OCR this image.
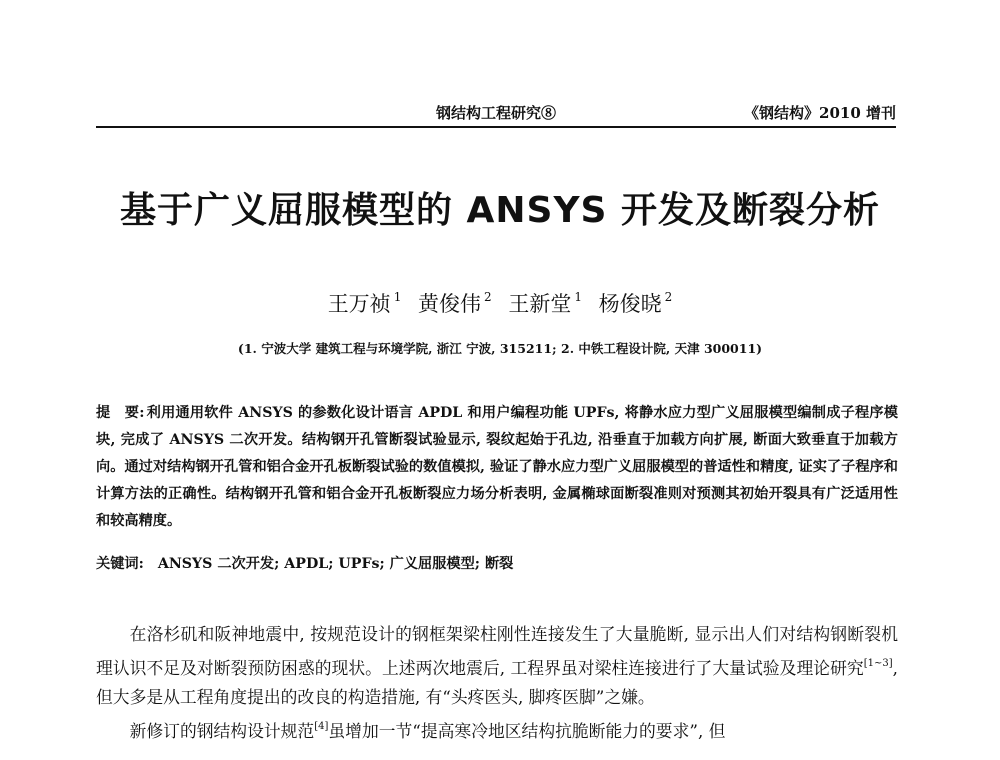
钢结构工程研究⑧	《钢结构》2010 增刊
基于广义屈服模型的 ANSYS 开发及断裂分析
王万祯 $^1$ 黄俊伟 $^2$ 王新堂 $^1$ 杨俊晓 $^2$
(1. 宁波大学 建筑工程与环境学院, 浙江 宁波, 315211; 2. 中铁工程设计院, 天津 300011)
提　要: 利用通用软件 ANSYS 的参数化设计语言 APDL 和用户编程功能 UPFs, 将静水应力型广义屈服模型编制成子程序模块, 完成了 ANSYS 二次开发。结构钢开孔管断裂试验显示, 裂纹起始于孔边, 沿垂直于加载方向扩展, 断面大致垂直于加载方向。通过对结构钢开孔管和铝合金开孔板断裂试验的数值模拟, 验证了静水应力型广义屈服模型的普适性和精度, 证实了子程序和计算方法的正确性。结构钢开孔管和铝合金开孔板断裂应力场分析表明, 金属椭球面断裂准则对预测其初始开裂具有广泛适用性和较高精度。
关键词: ANSYS 二次开发; APDL; UPFs; 广义屈服模型; 断裂

在洛杉矶和阪神地震中, 按规范设计的钢框架梁柱刚性连接发生了大量脆断, 显示出人们对结构钢断裂机理认识不足及对断裂预防困惑的现状。上述两次地震后, 工程界虽对梁柱连接进行了大量试验及理论研究[1~3], 但大多是从工程角度提出的改良的构造措施, 有“头疼医头, 脚疼医脚”之嫌。

新修订的钢结构设计规范[4]虽增加一节“提高寒冷地区结构抗脆断能力的要求”, 但
